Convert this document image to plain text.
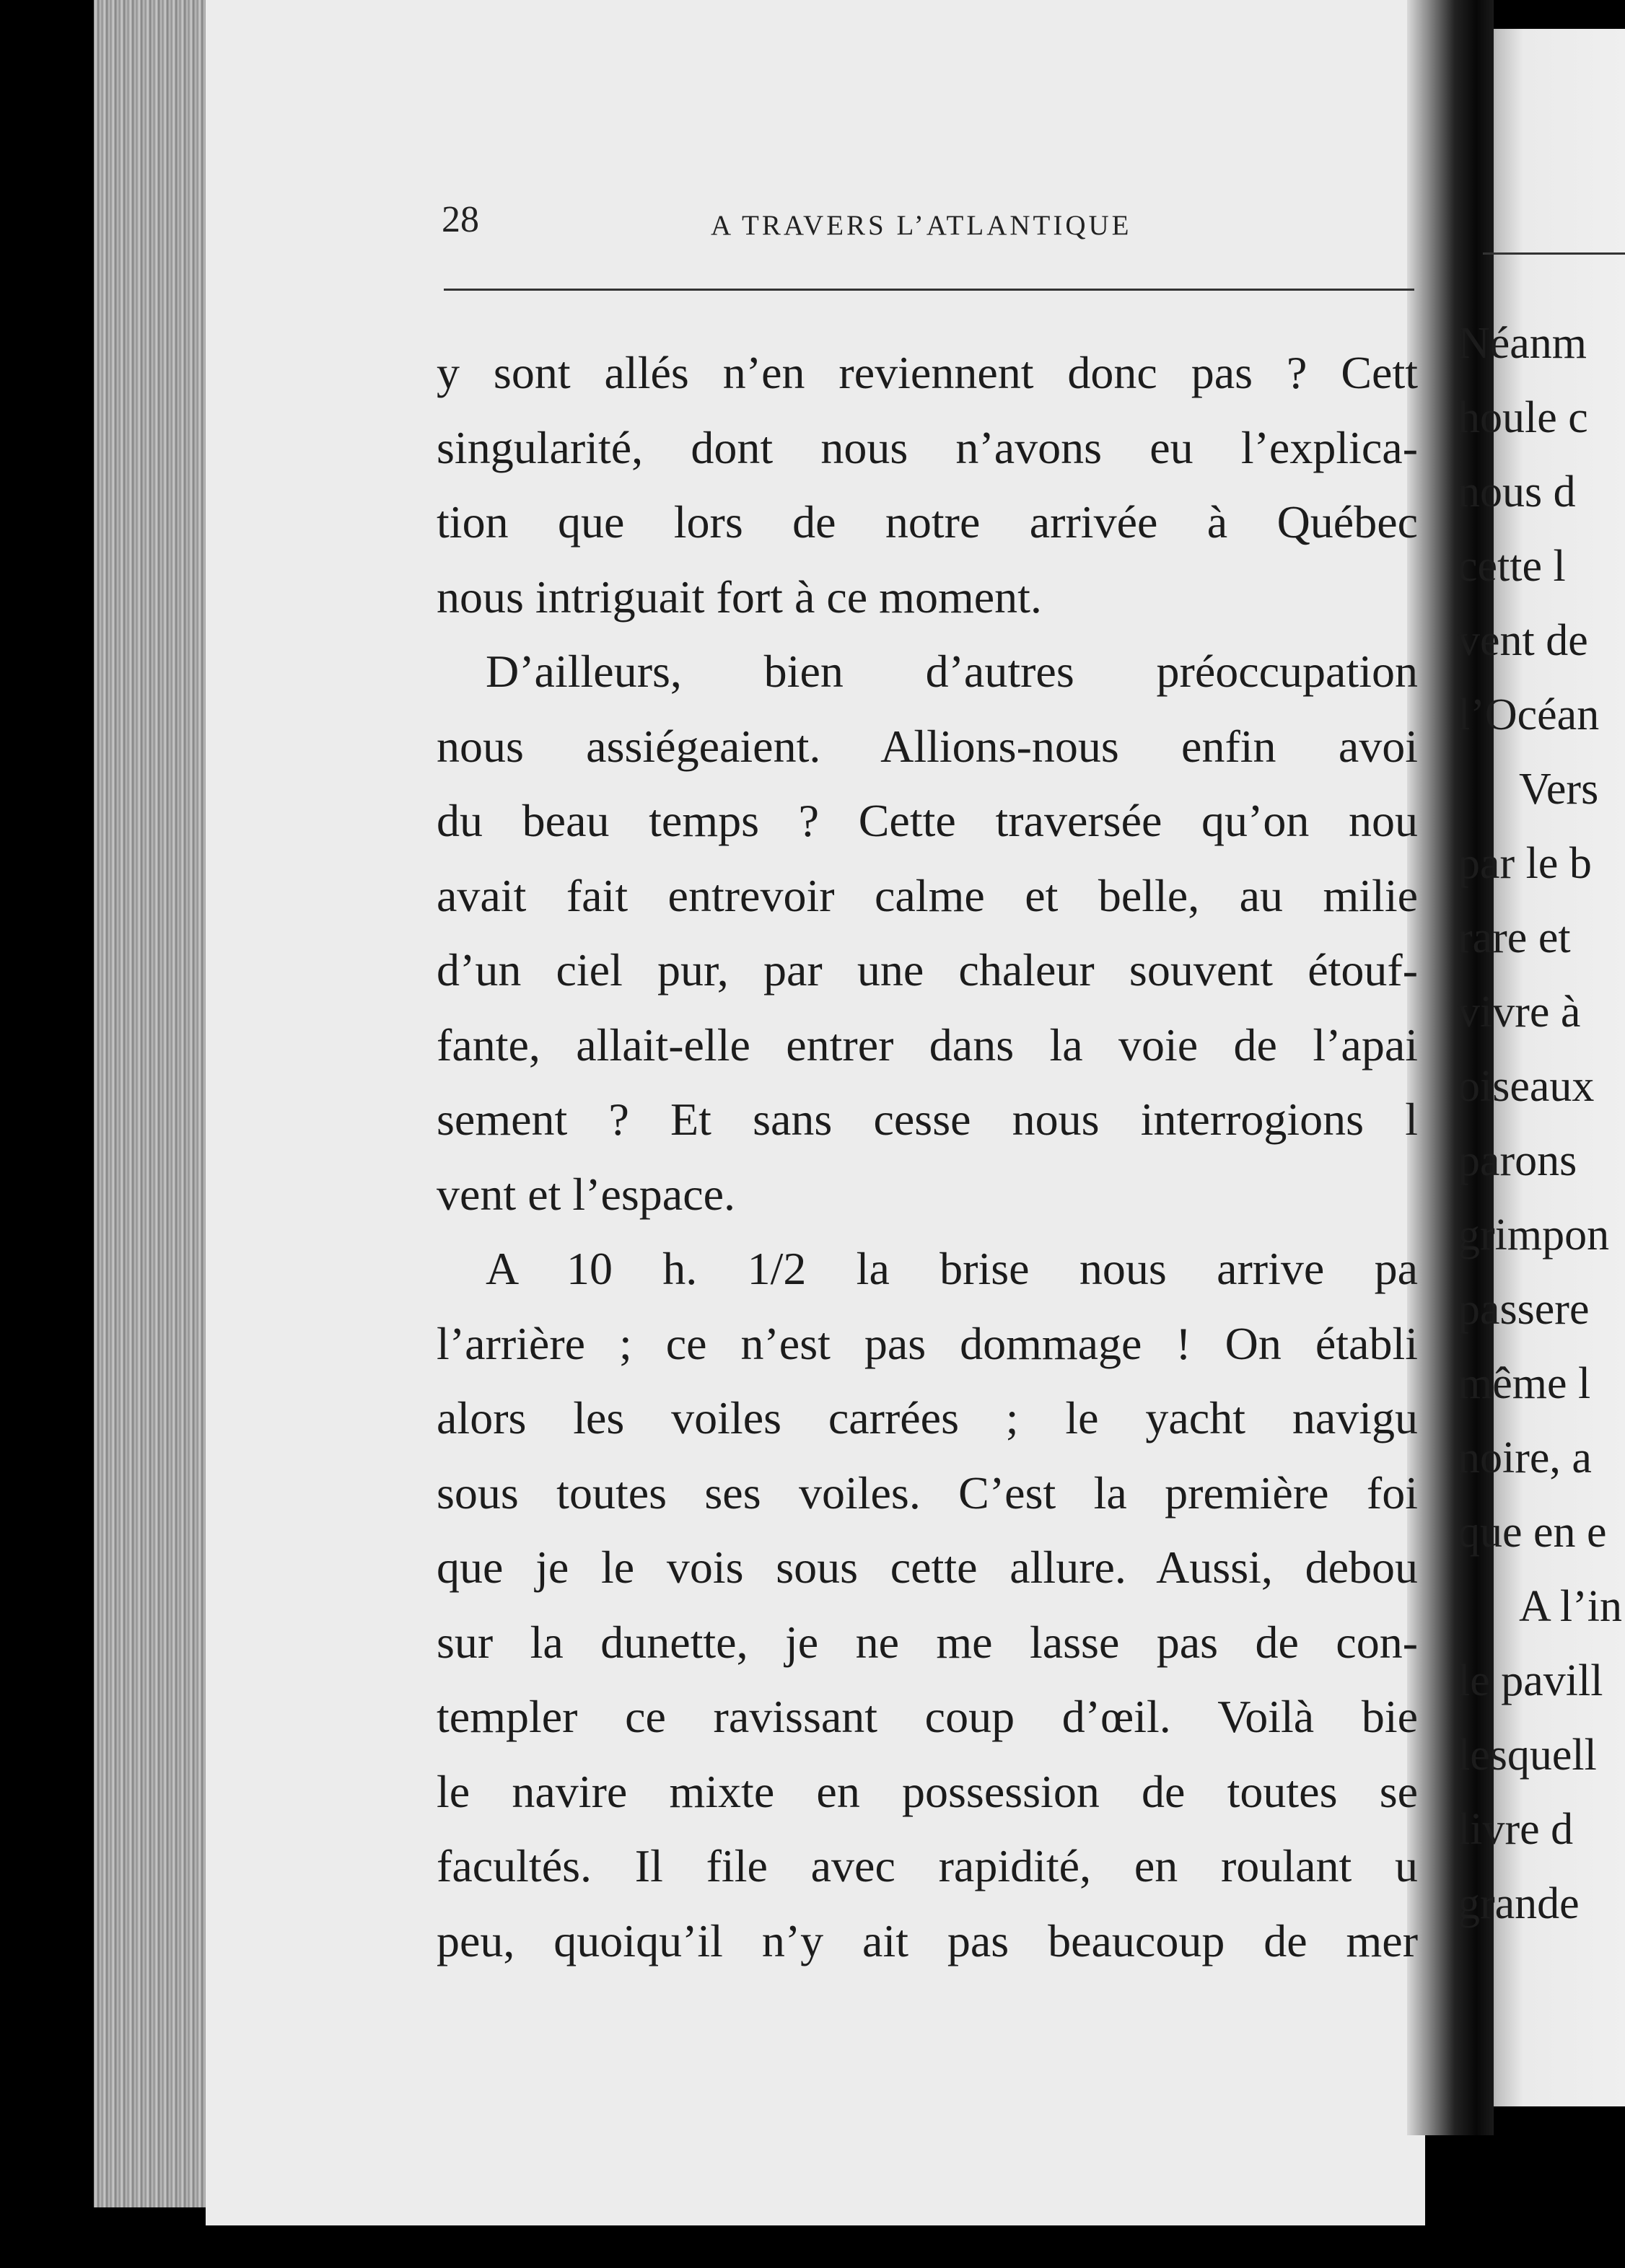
28	A TRAVERS L’ATLANTIQUE
y sont allés n’en reviennent donc pas ? Cett
singularité, dont nous n’avons eu l’explica-
tion que lors de notre arrivée à Québec
nous intriguait fort à ce moment.
D’ailleurs, bien d’autres préoccupation
nous assiégeaient. Allions-nous enfin avoi
du beau temps ? Cette traversée qu’on nou
avait fait entrevoir calme et belle, au milie
d’un ciel pur, par une chaleur souvent étouf-
fante, allait-elle entrer dans la voie de l’apai
sement ? Et sans cesse nous interrogions l
vent et l’espace.
A 10 h. 1/2 la brise nous arrive pa
l’arrière ; ce n’est pas dommage ! On établi
alors les voiles carrées ; le yacht navigu
sous toutes ses voiles. C’est la première foi
que je le vois sous cette allure. Aussi, debou
sur la dunette, je ne me lasse pas de con-
templer ce ravissant coup d’œil. Voilà bie
le navire mixte en possession de toutes se
facultés. Il file avec rapidité, en roulant u
peu, quoiqu’il n’y ait pas beaucoup de mer
Néanm
houle c
nous d
cette l
vent de
l’Océan
Vers
par le b
rare et
vivre à
oiseaux
parons
grimpon
passere
même l
noire, a
que en e
A l’in
le pavill
lesquell
livre d
grande
